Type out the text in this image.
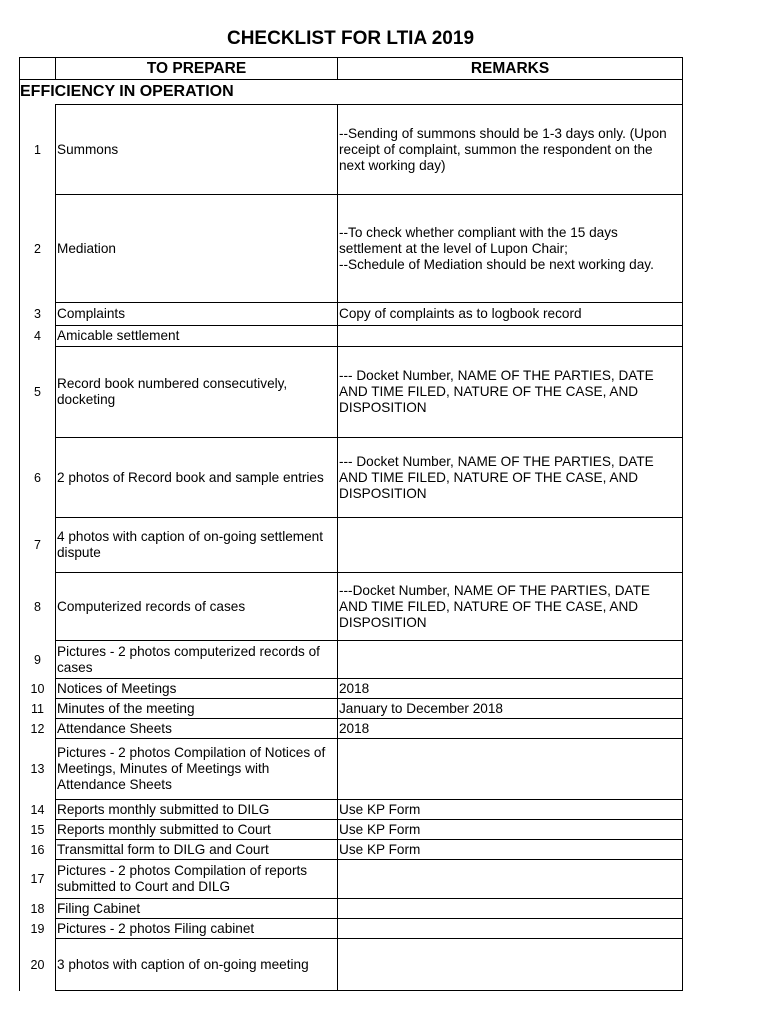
CHECKLIST FOR LTIA 2019
	TO PREPARE	REMARKS
EFFICIENCY IN OPERATION		
1	Summons	--Sending of summons should be 1-3 days only. (Upon receipt of complaint, summon the respondent on the next working day)
2	Mediation	--To check whether compliant with the 15 days settlement at the level of Lupon Chair;
--Schedule of Mediation should be next working day.
3	Complaints	Copy of complaints as to logbook record
4	Amicable settlement	
5	Record book numbered consecutively, docketing	--- Docket Number, NAME OF THE PARTIES, DATE AND TIME FILED, NATURE OF THE CASE, AND DISPOSITION
6	2 photos of Record book and sample entries	--- Docket Number, NAME OF THE PARTIES, DATE AND TIME FILED, NATURE OF THE CASE, AND DISPOSITION
7	4 photos with caption of on-going settlement dispute	
8	Computerized records of cases	---Docket Number, NAME OF THE PARTIES, DATE AND TIME FILED, NATURE OF THE CASE, AND DISPOSITION
9	Pictures - 2 photos computerized records of cases	
10	Notices of Meetings	2018
11	Minutes of the meeting	January to December 2018
12	Attendance Sheets	2018
13	Pictures - 2 photos Compilation of Notices of Meetings, Minutes of Meetings with Attendance Sheets	
14	Reports monthly submitted to DILG	Use KP Form
15	Reports monthly submitted to Court	Use KP Form
16	Transmittal form to DILG and Court	Use KP Form
17	Pictures - 2 photos Compilation of reports submitted to Court and DILG	
18	Filing Cabinet	
19	Pictures - 2 photos Filing cabinet	
20	3 photos with caption of on-going meeting	
